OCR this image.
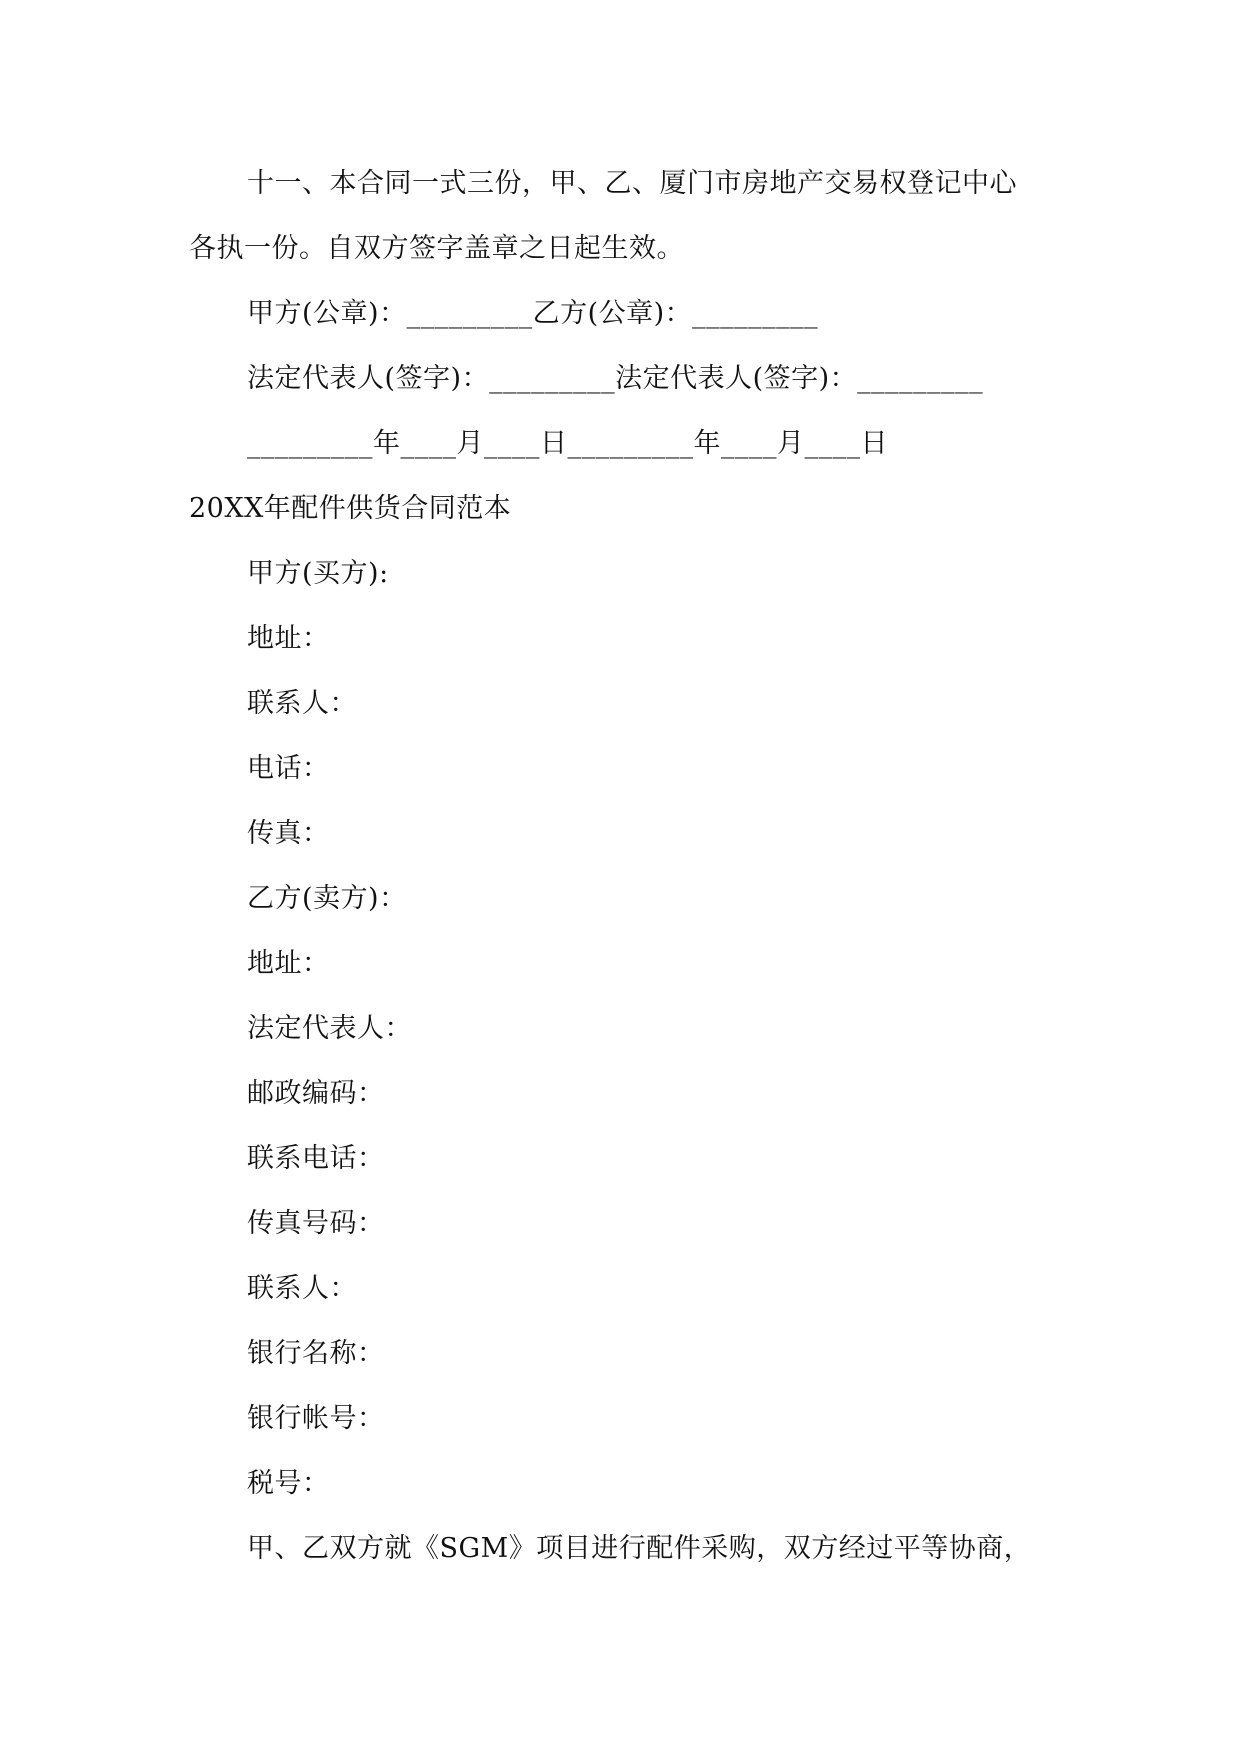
十一、本合同一式三份，甲、乙、厦门市房地产交易权登记中心
各执一份。自双方签字盖章之日起生效。
甲方(公章)：_________乙方(公章)：_________
法定代表人(签字)：_________法定代表人(签字)：_________
_________年____月____日_________年____月____日
20XX年配件供货合同范本
甲方(买方):
地址：
联系人：
电话：
传真：
乙方(卖方)：
地址：
法定代表人：
邮政编码：
联系电话：
传真号码：
联系人：
银行名称：
银行帐号：
税号：
甲、乙双方就《SGM》项目进行配件采购，双方经过平等协商，
